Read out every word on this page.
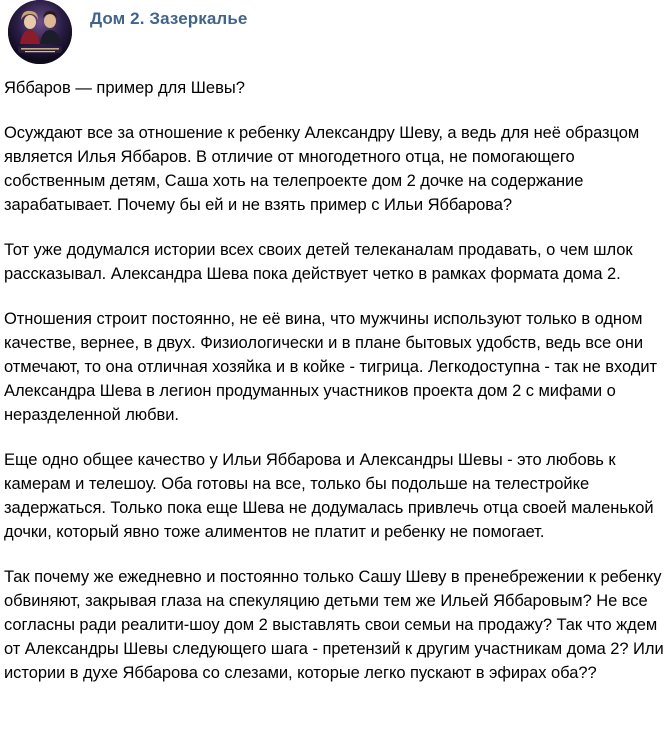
Дом 2. Зазеркалье

Яббаров — пример для Шевы?

Осуждают все за отношение к ребенку Александру Шеву, а ведь для неё образцом является Илья Яббаров. В отличие от многодетного отца, не помогающего собственным детям, Саша хоть на телепроекте дом 2 дочке на содержание зарабатывает. Почему бы ей и не взять пример с Ильи Яббарова?

Тот уже додумался истории всех своих детей телеканалам продавать, о чем шлок рассказывал. Александра Шева пока действует четко в рамках формата дома 2.

Отношения строит постоянно, не её вина, что мужчины используют только в одном качестве, вернее, в двух. Физиологически и в плане бытовых удобств, ведь все они отмечают, то она отличная хозяйка и в койке - тигрица. Легкодоступна - так не входит Александра Шева в легион продуманных участников проекта дом 2 с мифами о неразделенной любви.

Еще одно общее качество у Ильи Яббарова и Александры Шевы - это любовь к камерам и телешоу. Оба готовы на все, только бы подольше на телестройке задержаться. Только пока еще Шева не додумалась привлечь отца своей маленькой дочки, который явно тоже алиментов не платит и ребенку не помогает.

Так почему же ежедневно и постоянно только Сашу Шеву в пренебрежении к ребенку обвиняют, закрывая глаза на спекуляцию детьми тем же Ильей Яббаровым? Не все согласны ради реалити-шоу дом 2 выставлять свои семьи на продажу? Так что ждем от Александры Шевы следующего шага - претензий к другим участникам дома 2? Или истории в духе Яббарова со слезами, которые легко пускают в эфирах оба??
